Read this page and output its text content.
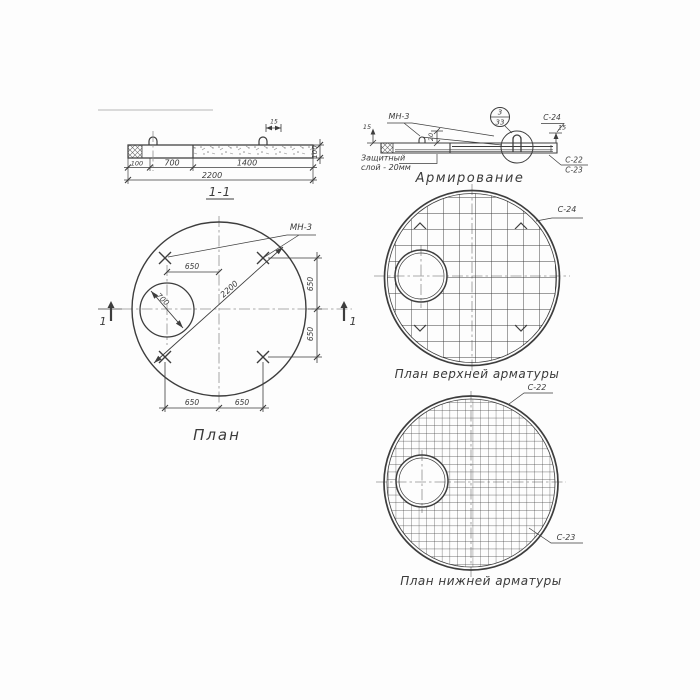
15
100
100	700	1400
2200
1-1
15
МН-3
20
Защитный
слой - 20мм
3
33
С-24
15
С-22
С-23
Армирование
700	2200
МН-3
650
650
650
650	650
1	1
План
С-24
План верхней арматуры
С-22
С-23
План нижней арматуры
